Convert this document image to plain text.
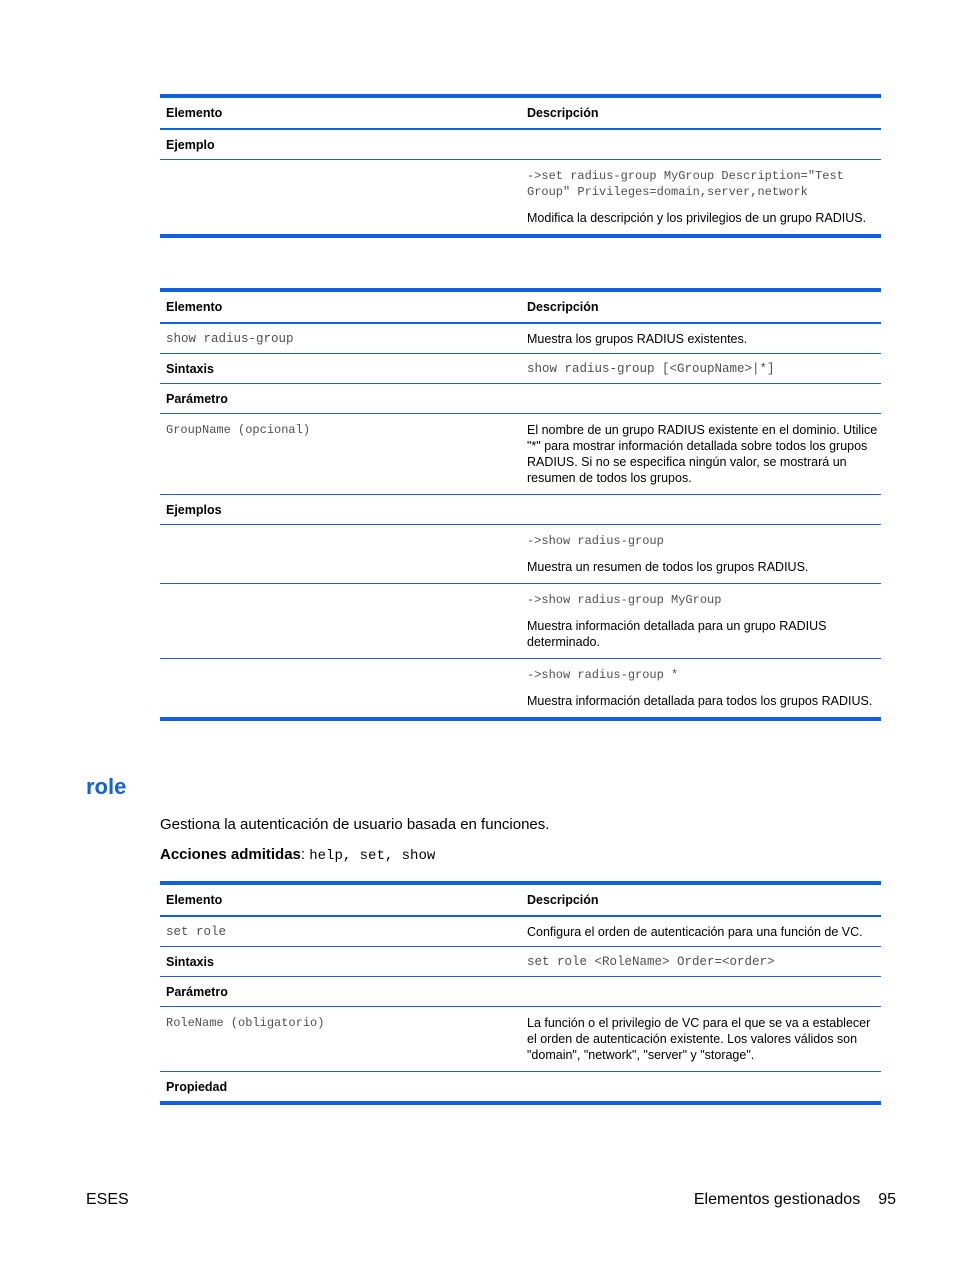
Elemento	Descripción
Ejemplo	

	->set radius-group MyGroup Description="Test Group" Privileges=domain,server,network

Modifica la descripción y los privilegios de un grupo RADIUS.

Elemento	Descripción
show radius-group	Muestra los grupos RADIUS existentes.
Sintaxis	show radius-group [<GroupName>|*]
Parámetro	

GroupName (opcional)	El nombre de un grupo RADIUS existente en el dominio. Utilice "*" para mostrar información detallada sobre todos los grupos RADIUS. Si no se especifica ningún valor, se mostrará un resumen de todos los grupos.

Ejemplos	

	->show radius-group

Muestra un resumen de todos los grupos RADIUS.

	->show radius-group MyGroup

Muestra información detallada para un grupo RADIUS determinado.

	->show radius-group *

Muestra información detallada para todos los grupos RADIUS.

role

Gestiona la autenticación de usuario basada en funciones.

Acciones admitidas: help, set, show

Elemento	Descripción
set role	Configura el orden de autenticación para una función de VC.
Sintaxis	set role <RoleName> Order=<order>
Parámetro	

RoleName (obligatorio)	La función o el privilegio de VC para el que se va a establecer el orden de autenticación existente. Los valores válidos son "domain", "network", "server" y "storage".

Propiedad	
ESES	Elementos gestionados 95
